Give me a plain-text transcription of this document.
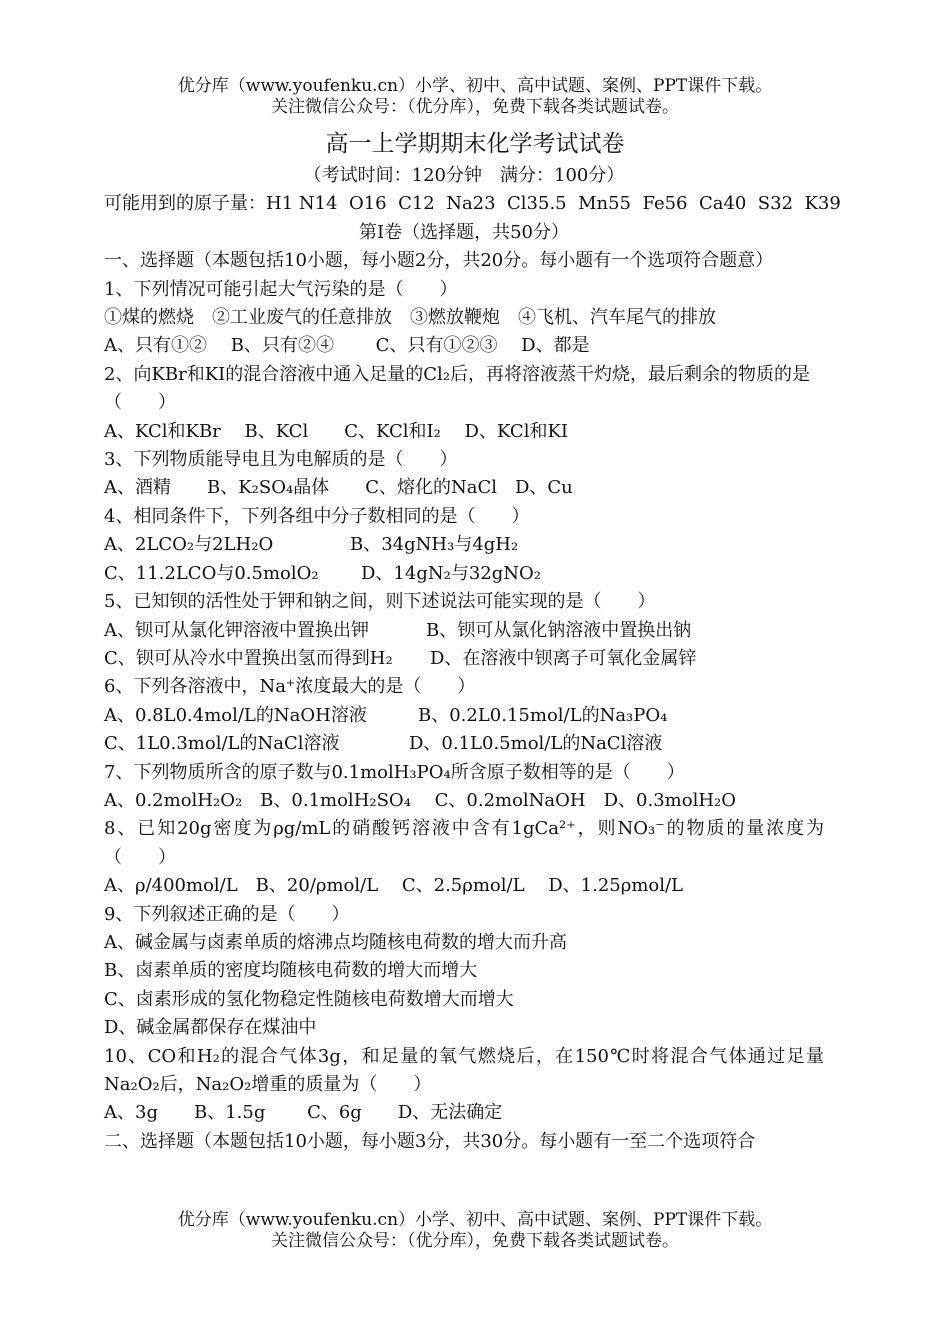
优分库（www.youfenku.cn）小学、初中、高中试题、案例、PPT课件下载。
关注微信公众号：（优分库），免费下载各类试题试卷。
高一上学期期末化学考试试卷
（考试时间：120分钟　满分：100分）
可能用到的原子量：H1 N14  O16  C12  Na23  Cl35.5  Mn55  Fe56  Ca40  S32  K39
第Ⅰ卷（选择题，共50分）
一、选择题（本题包括10小题，每小题2分，共20分。每小题有一个选项符合题意）
1、下列情况可能引起大气污染的是（　　）
①煤的燃烧　②工业废气的任意排放　③燃放鞭炮　④飞机、汽车尾气的排放
A、只有①②　 B、只有②④　　 C、只有①②③　 D、都是
2、向KBr和KI的混合溶液中通入足量的Cl₂后，再将溶液蒸干灼烧，最后剩余的物质的是
（　　）
A、KCl和KBr　 B、KCl　　C、KCl和I₂　 D、KCl和KI
3、下列物质能导电且为电解质的是（　　）
A、酒精　　B、K₂SO₄晶体　　C、熔化的NaCl　D、Cu
4、相同条件下，下列各组中分子数相同的是（　　）
A、2LCO₂与2LH₂O	B、34gNH₃与4gH₂
C、11.2LCO与0.5molO₂ D、14gN₂与32gNO₂
5、已知钡的活性处于钾和钠之间，则下述说法可能实现的是（　　）
A、钡可从氯化钾溶液中置换出钾	B、钡可从氯化钠溶液中置换出钠
C、钡可从冷水中置换出氢而得到H₂ D、在溶液中钡离子可氧化金属锌
6、下列各溶液中，Na⁺浓度最大的是（　　）
A、0.8L0.4mol/L的NaOH溶液	B、0.2L0.15mol/L的Na₃PO₄
C、1L0.3mol/L的NaCl溶液	D、0.1L0.5mol/L的NaCl溶液
7、下列物质所含的原子数与0.1molH₃PO₄所含原子数相等的是（　　）
A、0.2molH₂O₂　B、0.1molH₂SO₄　 C、0.2molNaOH　D、0.3molH₂O
8、已知20g密度为ρg/mL的硝酸钙溶液中含有1gCa²⁺，则NO₃⁻的物质的量浓度为（　　）
A、ρ/400mol/L　B、20/ρmol/L　 C、2.5ρmol/L　 D、1.25ρmol/L
9、下列叙述正确的是（　　）
A、碱金属与卤素单质的熔沸点均随核电荷数的增大而升高
B、卤素单质的密度均随核电荷数的增大而增大
C、卤素形成的氢化物稳定性随核电荷数增大而增大
D、碱金属都保存在煤油中
10、CO和H₂的混合气体3g，和足量的氧气燃烧后，在150℃时将混合气体通过足量Na₂O₂后，Na₂O₂增重的质量为（　　）
A、3g　　B、1.5g　　 C、6g　　D、无法确定
二、选择题（本题包括10小题，每小题3分，共30分。每小题有一至二个选项符合
优分库（www.youfenku.cn）小学、初中、高中试题、案例、PPT课件下载。
关注微信公众号：（优分库），免费下载各类试题试卷。
